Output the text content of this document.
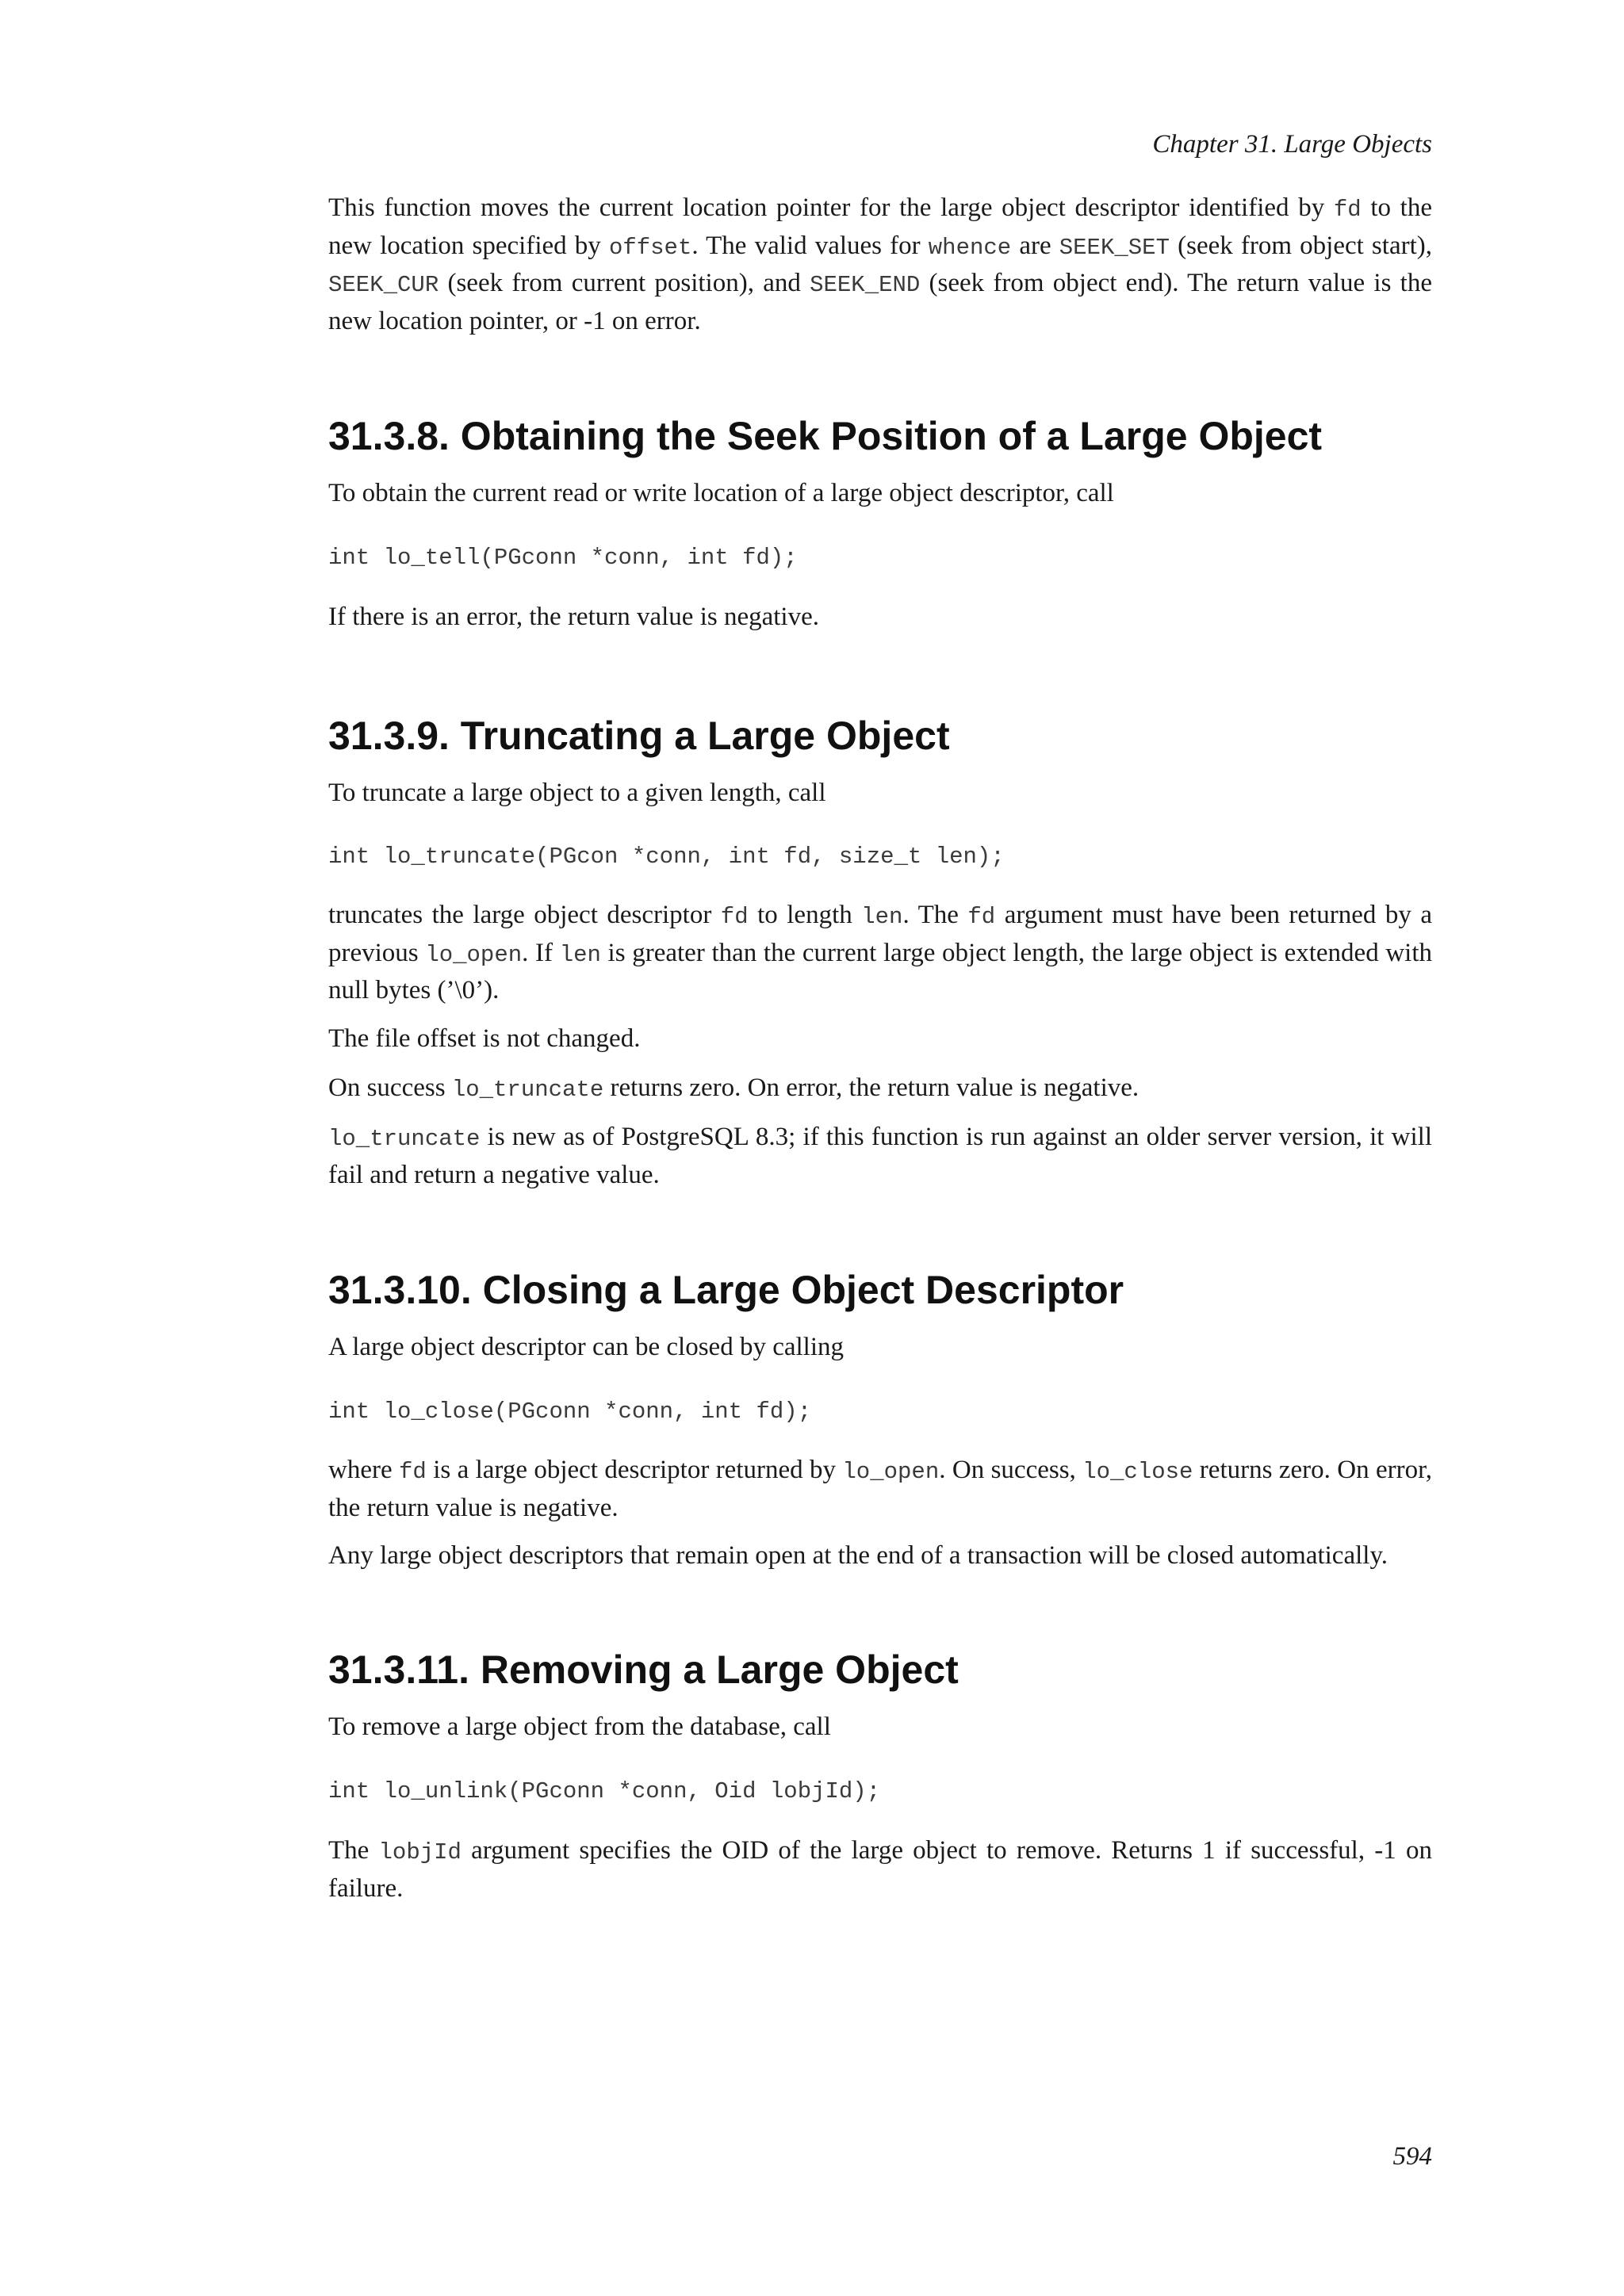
Chapter 31. Large Objects

This function moves the current location pointer for the large object descriptor identified by fd to the new location specified by offset. The valid values for whence are SEEK_SET (seek from object start), SEEK_CUR (seek from current position), and SEEK_END (seek from object end). The return value is the new location pointer, or -1 on error.

31.3.8. Obtaining the Seek Position of a Large Object

To obtain the current read or write location of a large object descriptor, call

int lo_tell(PGconn *conn, int fd);

If there is an error, the return value is negative.

31.3.9. Truncating a Large Object

To truncate a large object to a given length, call

int lo_truncate(PGcon *conn, int fd, size_t len);

truncates the large object descriptor fd to length len. The fd argument must have been returned by a previous lo_open. If len is greater than the current large object length, the large object is extended with null bytes (’\0’).

The file offset is not changed.

On success lo_truncate returns zero. On error, the return value is negative.

lo_truncate is new as of PostgreSQL 8.3; if this function is run against an older server version, it will fail and return a negative value.

31.3.10. Closing a Large Object Descriptor

A large object descriptor can be closed by calling

int lo_close(PGconn *conn, int fd);

where fd is a large object descriptor returned by lo_open. On success, lo_close returns zero. On error, the return value is negative.

Any large object descriptors that remain open at the end of a transaction will be closed automatically.

31.3.11. Removing a Large Object

To remove a large object from the database, call

int lo_unlink(PGconn *conn, Oid lobjId);

The lobjId argument specifies the OID of the large object to remove. Returns 1 if successful, -1 on failure.

594
